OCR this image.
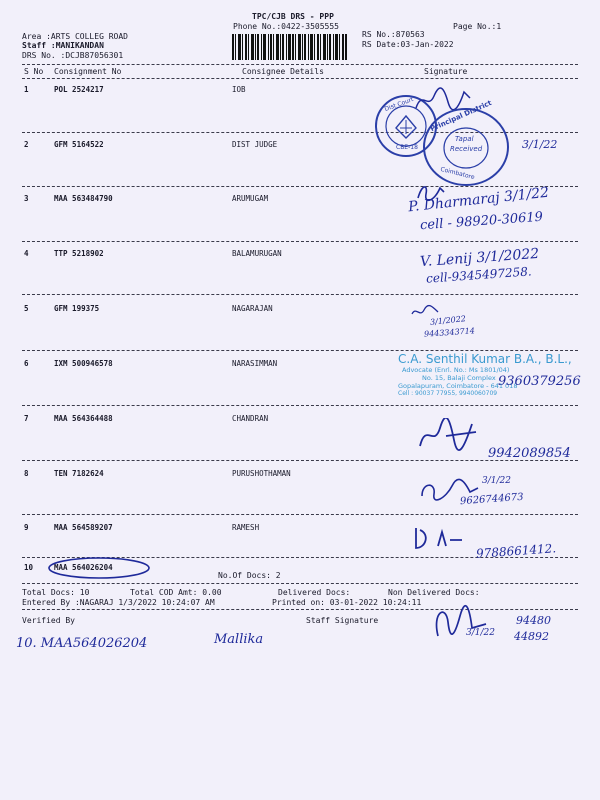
TPC/CJB DRS - PPP
Phone No.:0422-3505555	Page No.:1
Area :ARTS COLLEG ROAD
Staff :MANIKANDAN
DRS No. :DCJB87056301
RS No.:870563
RS Date:03-Jan-2022
S No Consignment No	Consignee Details	Signature
1	POL 2524217	IOB
2	GFM 5164522	DIST JUDGE
3	MAA 563484790	ARUMUGAM
4	TTP 5218902	BALAMURUGAN
5	GFM 199375	NAGARAJAN
6	IXM 500946578	NARASIMMAN
7	MAA 564364488	CHANDRAN
8	TEN 7182624	PURUSHOTHAMAN
9	MAA 564589207	RAMESH
10	MAA 564026204
No.Of Docs: 2
Total Docs: 10	Total COD Amt: 0.00	Delivered Docs:	Non Delivered Docs:
Entered By :NAGARAJ 1/3/2022 10:24:07 AM	Printed on: 03-01-2022 10:24:11
Verified By	Staff Signature
Dist Court
CBE-18
Principal District
Tapal
Received
Coimbatore
3/1/22
P. Dharmaraj 3/1/22
cell - 98920-30619
V. Lenij 3/1/2022
cell-9345497258.
3/1/2022
9443343714
C.A. Senthil Kumar B.A., B.L.,
Advocate (Enrl. No.: Ms 1801/04)
No. 15, Balaji Complex
Gopalapuram, Coimbatore - 641 018
Cell : 90037 77955, 9940060709
9360379256
9942089854
3/1/22
9626744673
9788661412.
10. MAA564026204	Mallika	3/1/22
94480
44892
